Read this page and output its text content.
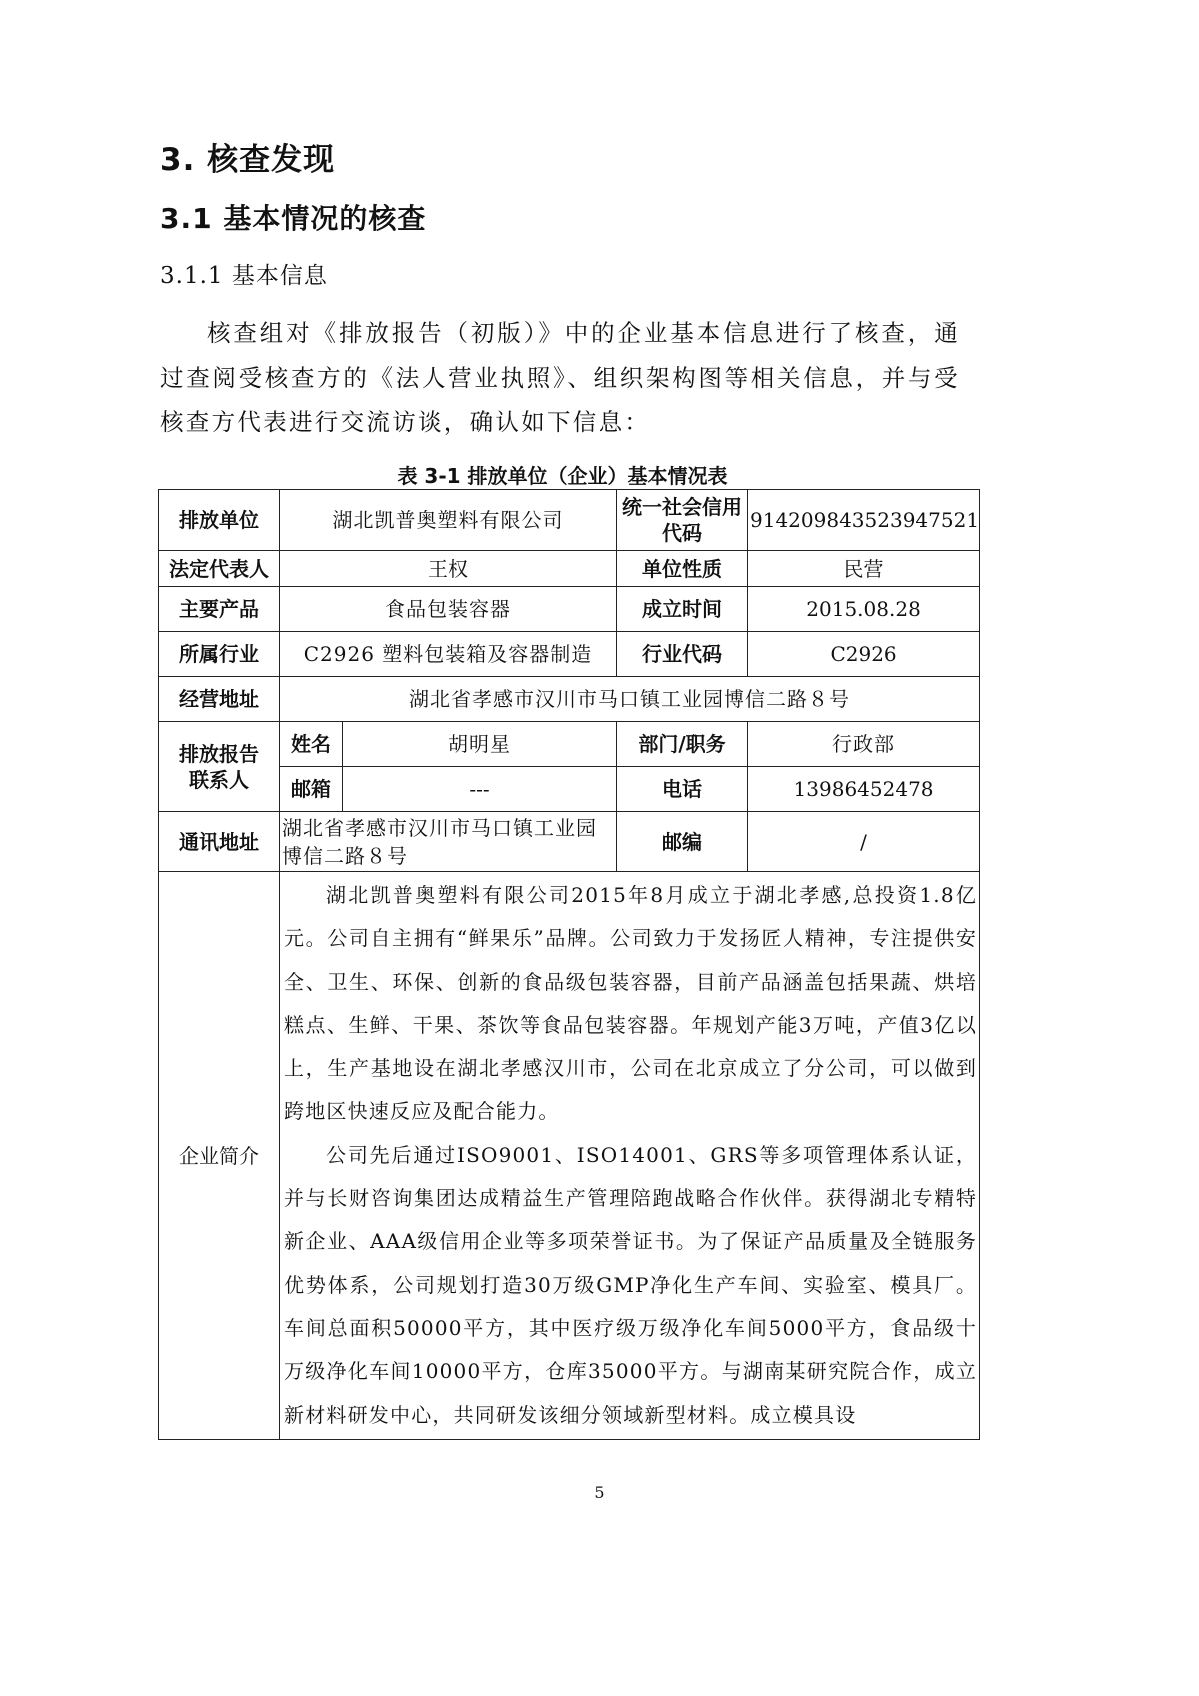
3. 核查发现
3.1 基本情况的核查
3.1.1 基本信息
核查组对《排放报告（初版）》中的企业基本信息进行了核查，通过查阅受核查方的《法人营业执照》、组织架构图等相关信息，并与受核查方代表进行交流访谈，确认如下信息：
表 3-1 排放单位（企业）基本情况表
排放单位	湖北凯普奥塑料有限公司		统一社会信用代码	914209843523947521
法定代表人	王权		单位性质	民营
主要产品	食品包装容器		成立时间	2015.08.28
所属行业	C2926 塑料包装箱及容器制造		行业代码	C2926
经营地址	湖北省孝感市汉川市马口镇工业园博信二路８号			
排放报告联系人	姓名	胡明星	部门/职务	行政部
	邮箱	---	电话	13986452478
通讯地址	湖北省孝感市汉川市马口镇工业园博信二路８号		邮编	/
企业简介	湖北凯普奥塑料有限公司2015年8月成立于湖北孝感,总投资1.8亿元。公司自主拥有“鲜果乐”品牌。公司致力于发扬匠人精神，专注提供安全、卫生、环保、创新的食品级包装容器，目前产品涵盖包括果蔬、烘培糕点、生鲜、干果、茶饮等食品包装容器。年规划产能3万吨，产值3亿以上，生产基地设在湖北孝感汉川市，公司在北京成立了分公司，可以做到跨地区快速反应及配合能力。

公司先后通过ISO9001、ISO14001、GRS等多项管理体系认证，并与长财咨询集团达成精益生产管理陪跑战略合作伙伴。获得湖北专精特新企业、AAA级信用企业等多项荣誉证书。为了保证产品质量及全链服务优势体系，公司规划打造30万级GMP净化生产车间、实验室、模具厂。车间总面积50000平方，其中医疗级万级净化车间5000平方，食品级十万级净化车间10000平方，仓库35000平方。与湖南某研究院合作，成立新材料研发中心，共同研发该细分领域新型材料。成立模具设			

5
